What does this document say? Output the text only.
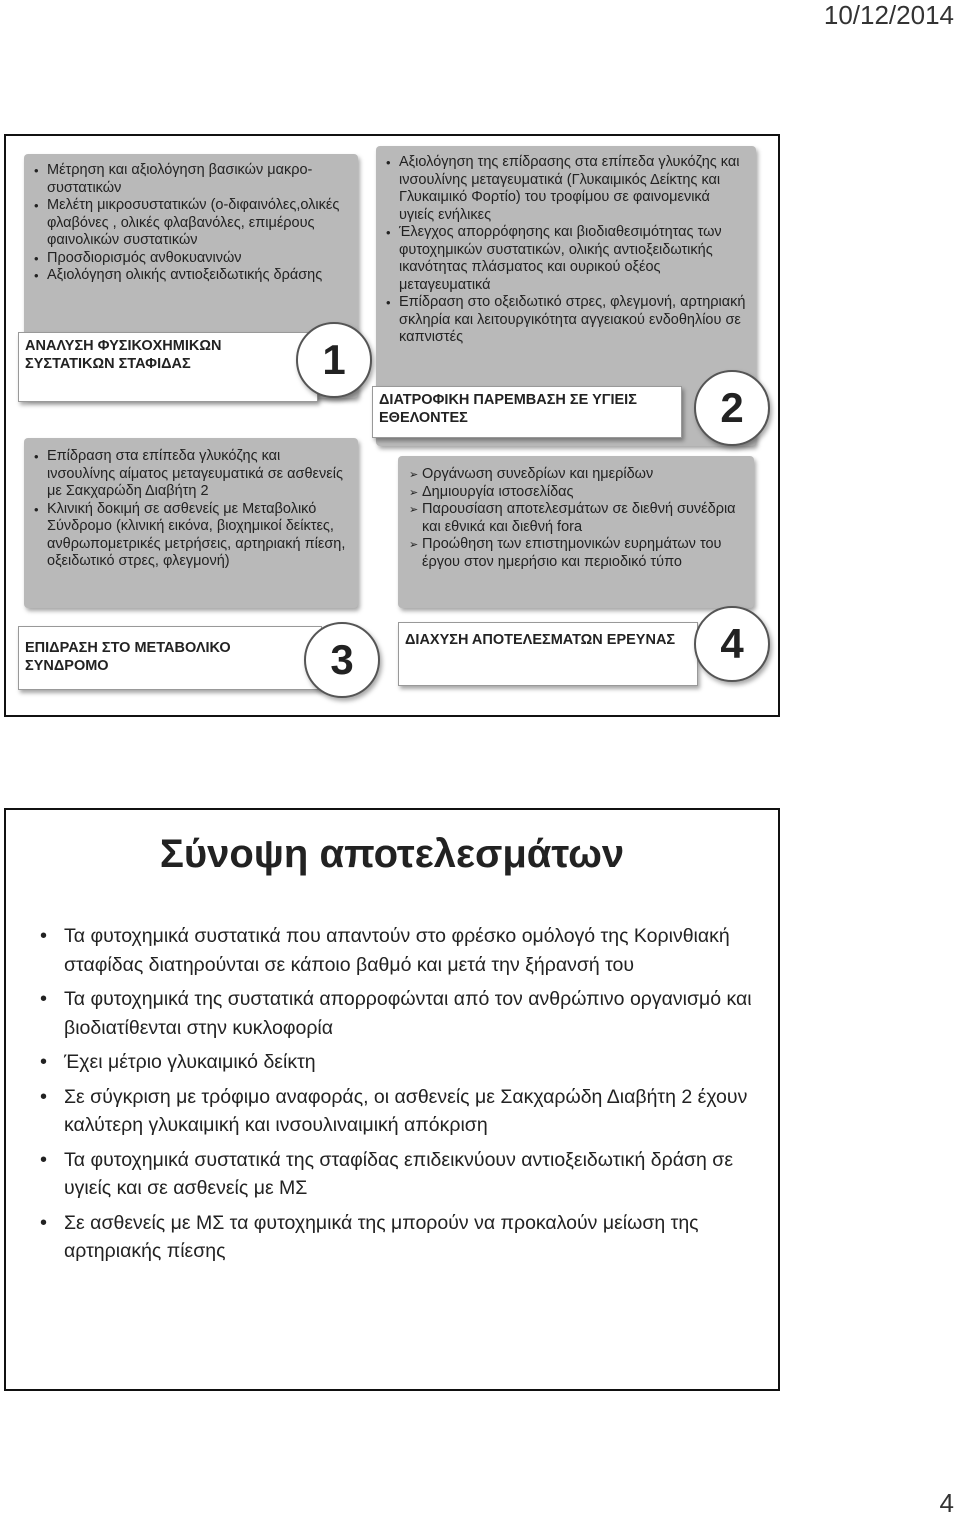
10/12/2014
• Μέτρηση και αξιολόγηση βασικών μακρο-συστατικών
• Μελέτη μικροσυστατικών (ο-διφαινόλες,ολικές φλαβόνες , ολικές φλαβανόλες, επιμέρους φαινολικών συστατικών
• Προσδιορισμός ανθοκυανινών
• Αξιολόγηση ολικής αντιοξειδωτικής δράσης
ΑΝΑΛΥΣΗ ΦΥΣΙΚΟΧΗΜΙΚΩΝ ΣΥΣΤΑΤΙΚΩΝ ΣΤΑΦΙΔΑΣ	1
• Αξιολόγηση της επίδρασης στα επίπεδα γλυκόζης και ινσουλίνης μεταγευματικά (Γλυκαιμικός Δείκτης και Γλυκαιμικό Φορτίο) του τροφίμου σε φαινομενικά υγιείς ενήλικες
• Έλεγχος απορρόφησης και βιοδιαθεσιμότητας των φυτοχημικών συστατικών, ολικής αντιοξειδωτικής ικανότητας πλάσματος και ουρικού οξέος μεταγευματικά
• Επίδραση στο οξειδωτικό στρες, φλεγμονή, αρτηριακή σκληρία και λειτουργικότητα αγγειακού ενδοθηλίου σε καπνιστές
ΔΙΑΤΡΟΦΙΚΗ ΠΑΡΕΜΒΑΣΗ ΣΕ ΥΓΙΕΙΣ ΕΘΕΛΟΝΤΕΣ	2
• Επίδραση στα επίπεδα γλυκόζης και ινσουλίνης αίματος μεταγευματικά σε ασθενείς με Σακχαρώδη Διαβήτη 2
• Κλινική δοκιμή σε ασθενείς με Μεταβολικό Σύνδρομο (κλινική εικόνα, βιοχημικοί δείκτες, ανθρωπομετρικές μετρήσεις, αρτηριακή πίεση, οξειδωτικό στρες, φλεγμονή)
ΕΠΙΔΡΑΣΗ ΣΤΟ ΜΕΤΑΒΟΛΙΚΟ ΣΥΝΔΡΟΜΟ	3
➢ Οργάνωση συνεδρίων και ημερίδων
➢ Δημιουργία ιστοσελίδας
➢ Παρουσίαση αποτελεσμάτων σε διεθνή συνέδρια και εθνικά και διεθνή fora
➢ Προώθηση των επιστημονικών ευρημάτων του έργου στον ημερήσιο και περιοδικό τύπο
ΔΙΑΧΥΣΗ ΑΠΟΤΕΛΕΣΜΑΤΩΝ ΕΡΕΥΝΑΣ	4
Σύνοψη αποτελεσμάτων
• Τα φυτοχημικά συστατικά που απαντούν στο φρέσκο ομόλογό της Κορινθιακή σταφίδας διατηρούνται σε κάποιο βαθμό και μετά την ξήρανσή του
• Τα φυτοχημικά της συστατικά απορροφώνται από τον ανθρώπινο οργανισμό και βιοδιατίθενται στην κυκλοφορία
• Έχει μέτριο γλυκαιμικό δείκτη
• Σε σύγκριση με τρόφιμο αναφοράς, οι ασθενείς με Σακχαρώδη Διαβήτη 2 έχουν καλύτερη γλυκαιμική και ινσουλιναιμική απόκριση
• Τα φυτοχημικά συστατικά της σταφίδας επιδεικνύουν αντιοξειδωτική δράση σε υγιείς και σε ασθενείς με ΜΣ
• Σε ασθενείς με ΜΣ τα φυτοχημικά της μπορούν να προκαλούν μείωση της αρτηριακής πίεσης
4
